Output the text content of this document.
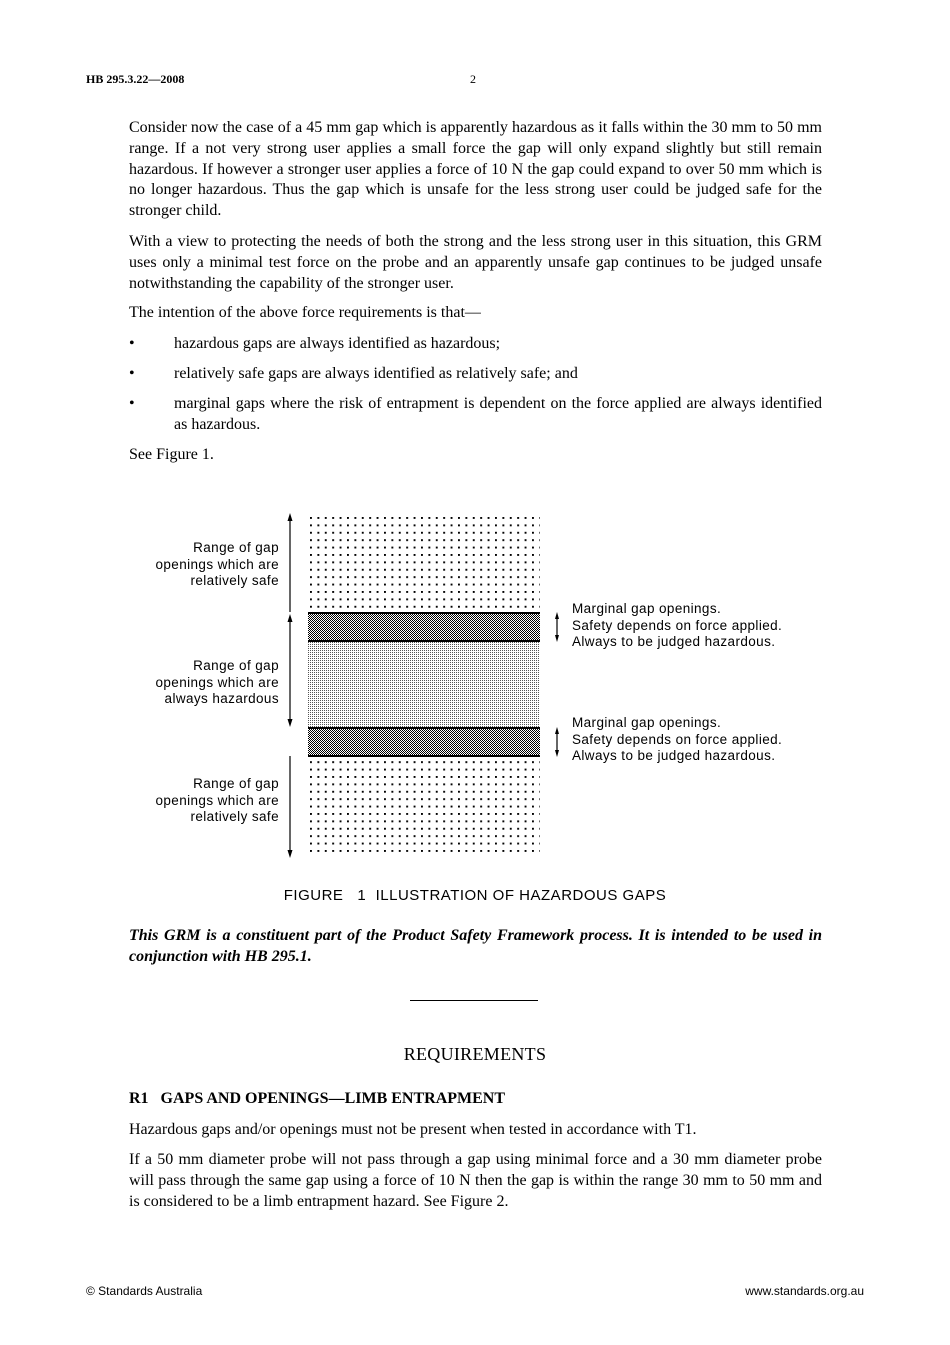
HB 295.3.22—2008	2
Consider now the case of a 45 mm gap which is apparently hazardous as it falls within the 30 mm to 50 mm range. If a not very strong user applies a small force the gap will only expand slightly but still remain hazardous. If however a stronger user applies a force of 10 N the gap could expand to over 50 mm which is no longer hazardous. Thus the gap which is unsafe for the less strong user could be judged safe for the stronger child.
With a view to protecting the needs of both the strong and the less strong user in this situation, this GRM uses only a minimal test force on the probe and an apparently unsafe gap continues to be judged unsafe notwithstanding the capability of the stronger user.
The intention of the above force requirements is that—
• hazardous gaps are always identified as hazardous;
• relatively safe gaps are always identified as relatively safe; and
• marginal gaps where the risk of entrapment is dependent on the force applied are always identified as hazardous.
See Figure 1.
Range of gap
openings which are
relatively safe
Range of gap
openings which are
always hazardous
Range of gap
openings which are
relatively safe
Marginal gap openings.
Safety depends on force applied.
Always to be judged hazardous.
Marginal gap openings.
Safety depends on force applied.
Always to be judged hazardous.
FIGURE   1  ILLUSTRATION OF HAZARDOUS GAPS
This GRM is a constituent part of the Product Safety Framework process. It is intended to be used in conjunction with HB 295.1.
REQUIREMENTS
R1   GAPS AND OPENINGS—LIMB ENTRAPMENT
Hazardous gaps and/or openings must not be present when tested in accordance with T1.
If a 50 mm diameter probe will not pass through a gap using minimal force and a 30 mm diameter probe will pass through the same gap using a force of 10 N then the gap is within the range 30 mm to 50 mm and is considered to be a limb entrapment hazard. See Figure 2.
© Standards Australia	www.standards.org.au
